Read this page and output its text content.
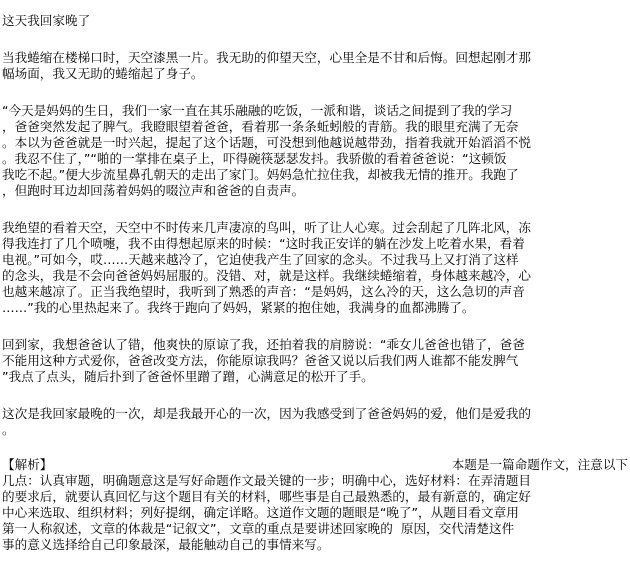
这天我回家晚了
当我蜷缩在楼梯口时，天空漆黑一片。我无助的仰望天空，心里全是不甘和后悔。回想起刚才那
幅场面，我又无助的蜷缩起了身子。
“今天是妈妈的生日，我们一家一直在其乐融融的吃饭，一派和谐，谈话之间提到了我的学习
，爸爸突然发起了脾气。我瞪眼望着爸爸，看着那一条条蚯蚓般的青筋。我的眼里充满了无奈
。本以为爸爸就是一时兴起，提起了这个话题，可没想到他越说越带劲，指着我就开始滔滔不悦
。我忍不住了，”“啪的一掌排在桌子上，吓得碗筷瑟瑟发抖。我骄傲的看着爸爸说：“这顿饭
我吃不起。”便大步流星鼻孔朝天的走出了家门。妈妈急忙拉住我，却被我无情的推开。我跑了
，但跑时耳边却回荡着妈妈的啜泣声和爸爸的自责声。
我绝望的看着天空，天空中不时传来几声凄凉的鸟叫，听了让人心寒。过会刮起了几阵北风，冻
得我连打了几个喷嚏，我不由得想起原来的时候：“这时我正安详的躺在沙发上吃着水果，看着
电视。”可如今，哎……天越来越冷了，它迫使我产生了回家的念头。不过我马上又打消了这样
的念头，我是不会向爸爸妈妈屈服的。没错、对，就是这样。我继续蜷缩着，身体越来越冷，心
也越来越凉了。正当我绝望时，我听到了熟悉的声音：“是妈妈，这么冷的天，这么急切的声音
……”我的心里热起来了。我终于跑向了妈妈，紧紧的抱住她，我满身的血都沸腾了。
回到家，我想爸爸认了错，他爽快的原谅了我，还拍着我的肩膀说：“乖女儿爸爸也错了，爸爸
不能用这种方式爱你，爸爸改变方法，你能原谅我吗？爸爸又说以后我们两人谁都不能发脾气
”我点了点头，随后扑到了爸爸怀里蹭了蹭，心满意足的松开了手。
这次是我回家最晚的一次，却是我最开心的一次，因为我感受到了爸爸妈妈的爱，他们是爱我的
。
【解析】	本题是一篇命题作文，注意以下
几点：认真审题，明确题意这是写好命题作文最关键的一步；明确中心，选好材料：在弄清题目
的要求后，就要认真回忆与这个题目有关的材料，哪些事是自己最熟悉的，最有新意的，确定好
中心来选取、组织材料；列好提纲，确定详略。这道作文题的题眼是“晚了”，从题目看文章用
第一人称叙述，文章的体裁是“记叙文”，文章的重点是要讲述回家晚的  原因，交代清楚这件
事的意义选择给自己印象最深，最能触动自己的事情来写。
